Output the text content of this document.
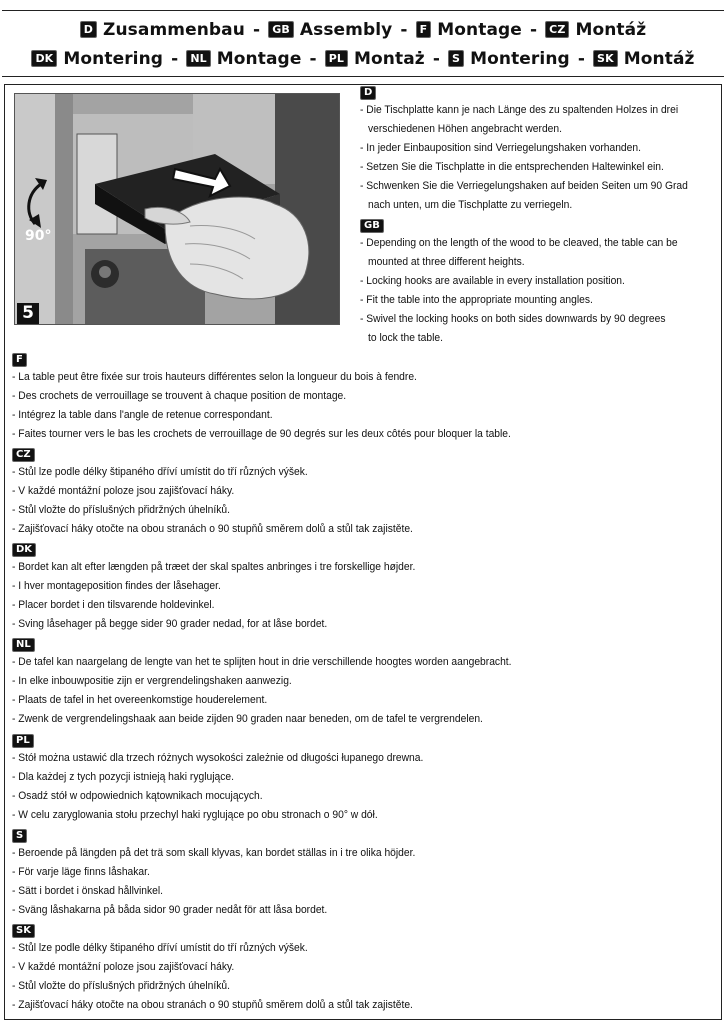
D Zusammenbau - GB Assembly - F Montage - CZ Montáž
DK Montering - NL Montage - PL Montaż - S Montering - SK Montáž
90°
5
D
- Die Tischplatte kann je nach Länge des zu spaltenden Holzes in drei
verschiedenen Höhen angebracht werden.
- In jeder Einbauposition sind Verriegelungshaken vorhanden.
- Setzen Sie die Tischplatte in die entsprechenden Haltewinkel ein.
- Schwenken Sie die Verriegelungshaken auf beiden Seiten um 90 Grad
nach unten, um die Tischplatte zu verriegeln.
GB
- Depending on the length of the wood to be cleaved, the table can be
mounted at three different heights.
- Locking hooks are available in every installation position.
- Fit the table into the appropriate mounting angles.
- Swivel the locking hooks on both sides downwards by 90 degrees
to lock the table.
F
- La table peut être fixée sur trois hauteurs différentes selon la longueur du bois à fendre.
- Des crochets de verrouillage se trouvent à chaque position de montage.
- Intégrez la table dans l'angle de retenue correspondant.
- Faites tourner vers le bas les crochets de verrouillage de 90 degrés sur les deux côtés pour bloquer la table.
CZ
- Stůl lze podle délky štipaného dříví umístit do tří různých výšek.
- V každé montážní poloze jsou zajišťovací háky.
- Stůl vložte do příslušných přidržných úhelníků.
- Zajišťovací háky otočte na obou stranách o 90 stupňů směrem dolů a stůl tak zajistěte.
DK
- Bordet kan alt efter længden på træet der skal spaltes anbringes i tre forskellige højder.
- I hver montageposition findes der låsehager.
- Placer bordet i den tilsvarende holdevinkel.
- Sving låsehager på begge sider 90 grader nedad, for at låse bordet.
NL
- De tafel kan naargelang de lengte van het te splijten hout in drie verschillende hoogtes worden aangebracht.
- In elke inbouwpositie zijn er vergrendelingshaken aanwezig.
- Plaats de tafel in het overeenkomstige houderelement.
- Zwenk de vergrendelingshaak aan beide zijden 90 graden naar beneden, om de tafel te vergrendelen.
PL
- Stół można ustawić dla trzech różnych wysokości zależnie od długości łupanego drewna.
- Dla każdej z tych pozycji istnieją haki ryglujące.
- Osadź stół w odpowiednich kątownikach mocujących.
- W celu zaryglowania stołu przechyl haki ryglujące po obu stronach o 90° w dół.
S
- Beroende på längden på det trä som skall klyvas, kan bordet ställas in i tre olika höjder.
- För varje läge finns låshakar.
- Sätt i bordet i önskad hållvinkel.
- Sväng låshakarna på båda sidor 90 grader nedåt för att låsa bordet.
SK
- Stůl lze podle délky štipaného dříví umístit do tří různých výšek.
- V každé montážní poloze jsou zajišťovací háky.
- Stůl vložte do příslušných přidržných úhelníků.
- Zajišťovací háky otočte na obou stranách o 90 stupňů směrem dolů a stůl tak zajistěte.
